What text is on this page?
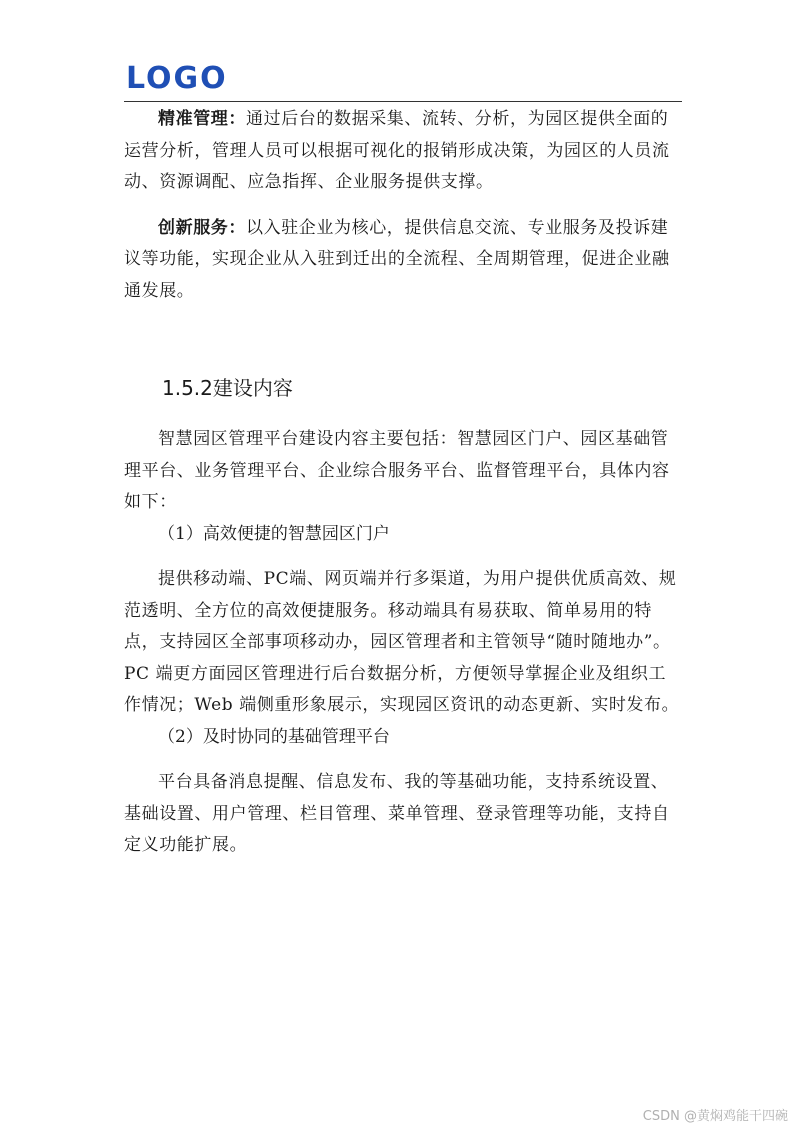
LOGO

精准管理：通过后台的数据采集、流转、分析，为园区提供全面的运营分析，管理人员可以根据可视化的报销形成决策，为园区的人员流动、资源调配、应急指挥、企业服务提供支撑。

创新服务：以入驻企业为核心，提供信息交流、专业服务及投诉建议等功能，实现企业从入驻到迁出的全流程、全周期管理，促进企业融通发展。

1.5.2建设内容

智慧园区管理平台建设内容主要包括：智慧园区门户、园区基础管理平台、业务管理平台、企业综合服务平台、监督管理平台，具体内容如下：

（1）高效便捷的智慧园区门户

提供移动端、PC端、网页端并行多渠道，为用户提供优质高效、规范透明、全方位的高效便捷服务。移动端具有易获取、简单易用的特点，支持园区全部事项移动办，园区管理者和主管领导“随时随地办”。PC 端更方面园区管理进行后台数据分析，方便领导掌握企业及组织工作情况；Web 端侧重形象展示，实现园区资讯的动态更新、实时发布。

（2）及时协同的基础管理平台

平台具备消息提醒、信息发布、我的等基础功能，支持系统设置、基础设置、用户管理、栏目管理、菜单管理、登录管理等功能，支持自定义功能扩展。

CSDN @黄焖鸡能干四碗
